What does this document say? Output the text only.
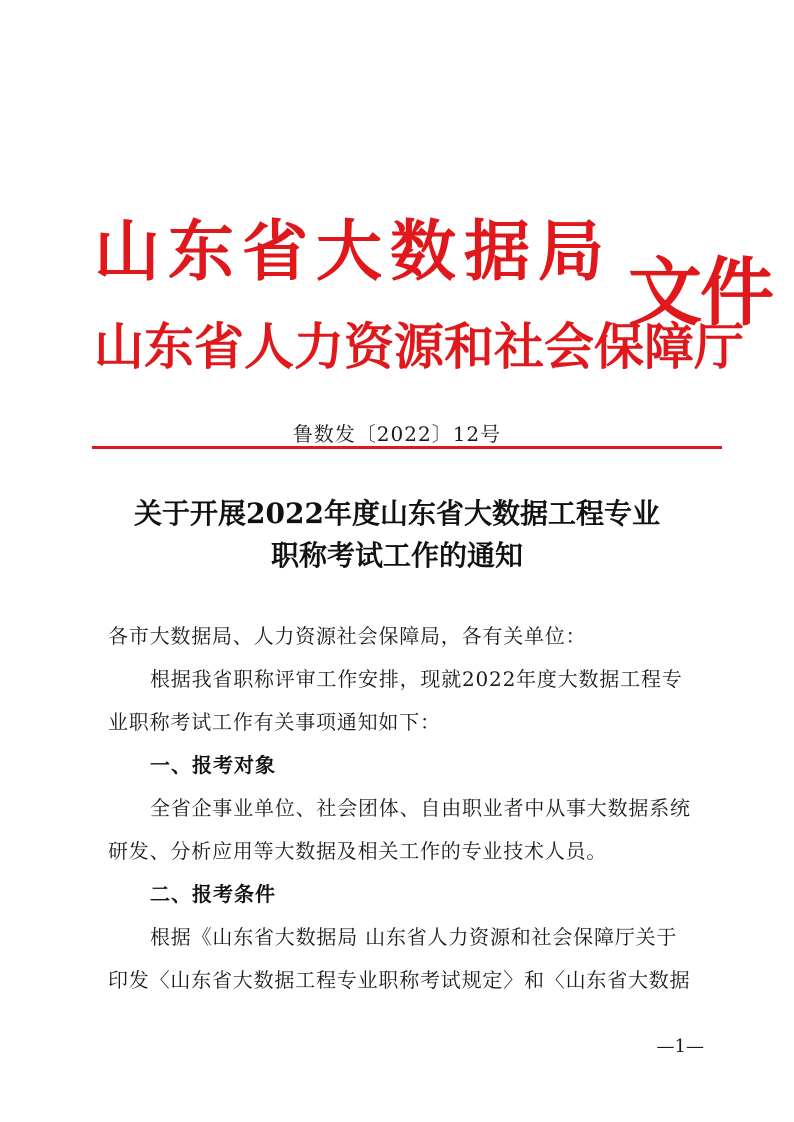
山东省大数据局
山东省人力资源和社会保障厅
文件
鲁数发〔2022〕12号
关于开展2022年度山东省大数据工程专业
职称考试工作的通知
各市大数据局、人力资源社会保障局，各有关单位：
根据我省职称评审工作安排，现就2022年度大数据工程专
业职称考试工作有关事项通知如下：
一、报考对象
全省企事业单位、社会团体、自由职业者中从事大数据系统
研发、分析应用等大数据及相关工作的专业技术人员。
二、报考条件
根据《山东省大数据局 山东省人力资源和社会保障厅关于
印发〈山东省大数据工程专业职称考试规定〉和〈山东省大数据
—1—
